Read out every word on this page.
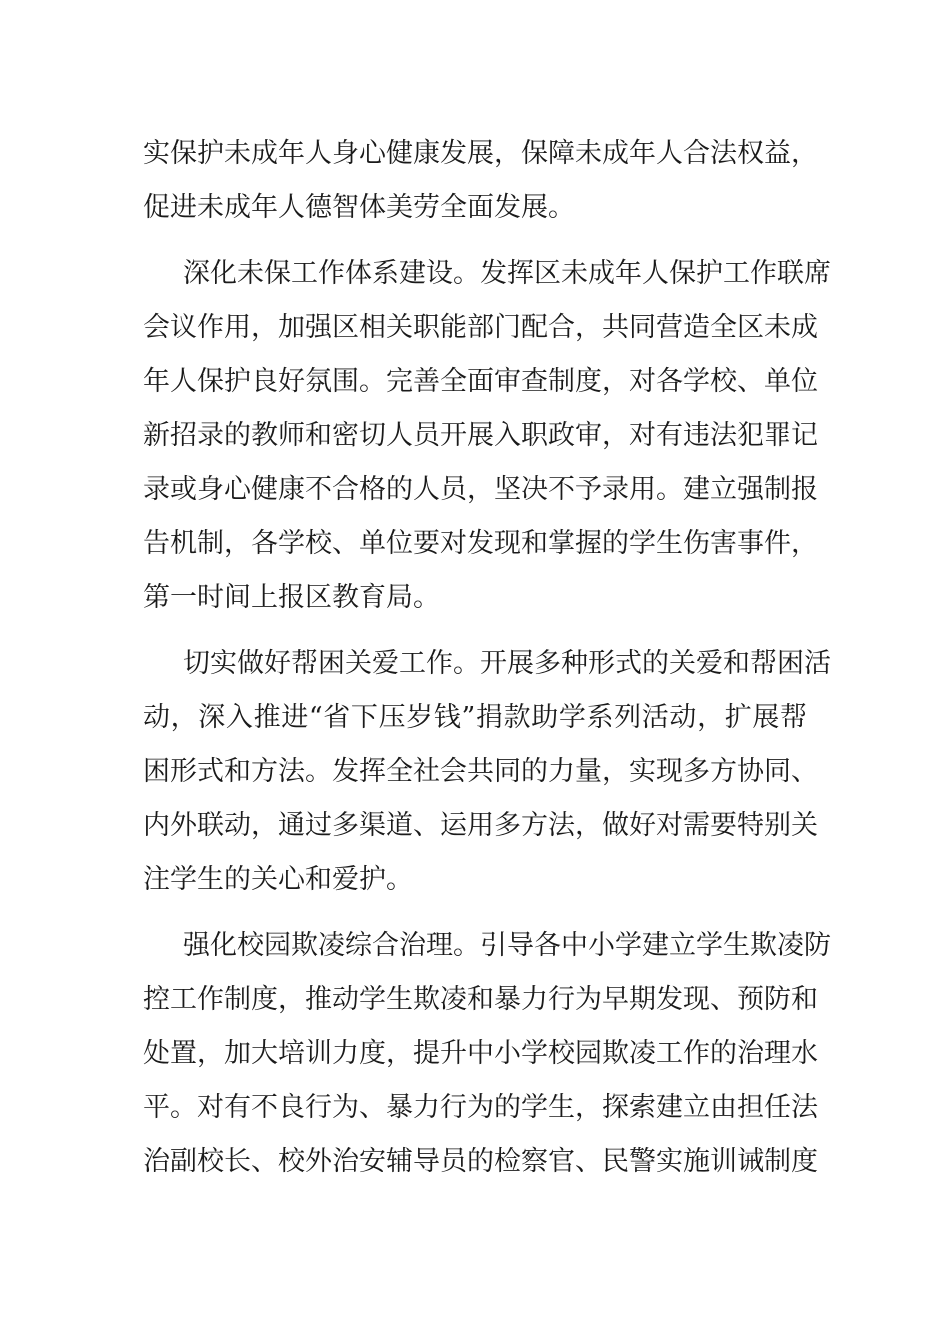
实保护未成年人身心健康发展，保障未成年人合法权益，
促进未成年人德智体美劳全面发展。
深化未保工作体系建设。发挥区未成年人保护工作联席
会议作用，加强区相关职能部门配合，共同营造全区未成
年人保护良好氛围。完善全面审查制度，对各学校、单位
新招录的教师和密切人员开展入职政审，对有违法犯罪记
录或身心健康不合格的人员，坚决不予录用。建立强制报
告机制，各学校、单位要对发现和掌握的学生伤害事件，
第一时间上报区教育局。
切实做好帮困关爱工作。开展多种形式的关爱和帮困活
动，深入推进“省下压岁钱”捐款助学系列活动，扩展帮
困形式和方法。发挥全社会共同的力量，实现多方协同、
内外联动，通过多渠道、运用多方法，做好对需要特别关
注学生的关心和爱护。
强化校园欺凌综合治理。引导各中小学建立学生欺凌防
控工作制度，推动学生欺凌和暴力行为早期发现、预防和
处置，加大培训力度，提升中小学校园欺凌工作的治理水
平。对有不良行为、暴力行为的学生，探索建立由担任法
治副校长、校外治安辅导员的检察官、民警实施训诫制度
